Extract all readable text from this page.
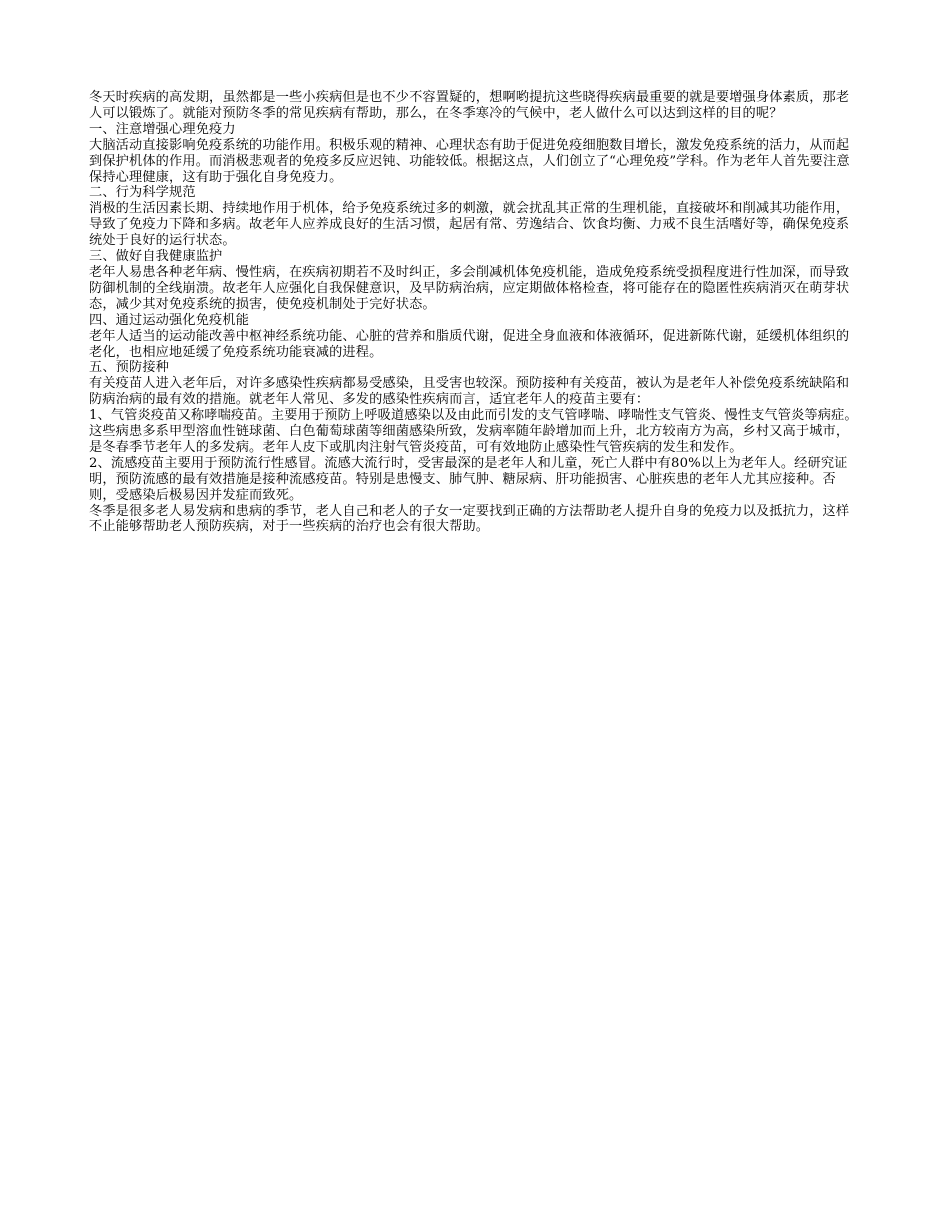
冬天时疾病的高发期，虽然都是一些小疾病但是也不少不容置疑的，想啊哟提抗这些晓得疾病最重要的就是要增强身体素质，那老人可以锻炼了。就能对预防冬季的常见疾病有帮助，那么，在冬季寒冷的气候中，老人做什么可以达到这样的目的呢？

一、注意增强心理免疫力

大脑活动直接影响免疫系统的功能作用。积极乐观的精神、心理状态有助于促进免疫细胞数目增长，激发免疫系统的活力，从而起到保护机体的作用。而消极悲观者的免疫多反应迟钝、功能较低。根据这点，人们创立了“心理免疫”学科。作为老年人首先要注意保持心理健康，这有助于强化自身免疫力。

二、行为科学规范

消极的生活因素长期、持续地作用于机体，给予免疫系统过多的刺激，就会扰乱其正常的生理机能，直接破坏和削减其功能作用，导致了免疫力下降和多病。故老年人应养成良好的生活习惯，起居有常、劳逸结合、饮食均衡、力戒不良生活嗜好等，确保免疫系统处于良好的运行状态。

三、做好自我健康监护

老年人易患各种老年病、慢性病，在疾病初期若不及时纠正，多会削减机体免疫机能，造成免疫系统受损程度进行性加深，而导致防御机制的全线崩溃。故老年人应强化自我保健意识，及早防病治病，应定期做体格检查，将可能存在的隐匿性疾病消灭在萌芽状态，减少其对免疫系统的损害，使免疫机制处于完好状态。

四、通过运动强化免疫机能

老年人适当的运动能改善中枢神经系统功能、心脏的营养和脂质代谢，促进全身血液和体液循环，促进新陈代谢，延缓机体组织的老化，也相应地延缓了免疫系统功能衰减的进程。

五、预防接种

有关疫苗人进入老年后，对许多感染性疾病都易受感染，且受害也较深。预防接种有关疫苗，被认为是老年人补偿免疫系统缺陷和防病治病的最有效的措施。就老年人常见、多发的感染性疾病而言，适宜老年人的疫苗主要有：

1、气管炎疫苗又称哮喘疫苗。主要用于预防上呼吸道感染以及由此而引发的支气管哮喘、哮喘性支气管炎、慢性支气管炎等病症。这些病患多系甲型溶血性链球菌、白色葡萄球菌等细菌感染所致，发病率随年龄增加而上升，北方较南方为高，乡村又高于城市，是冬春季节老年人的多发病。老年人皮下或肌肉注射气管炎疫苗，可有效地防止感染性气管疾病的发生和发作。

2、流感疫苗主要用于预防流行性感冒。流感大流行时，受害最深的是老年人和儿童，死亡人群中有80%以上为老年人。经研究证明，预防流感的最有效措施是接种流感疫苗。特别是患慢支、肺气肿、糖尿病、肝功能损害、心脏疾患的老年人尤其应接种。否则，受感染后极易因并发症而致死。

冬季是很多老人易发病和患病的季节，老人自己和老人的子女一定要找到正确的方法帮助老人提升自身的免疫力以及抵抗力，这样不止能够帮助老人预防疾病，对于一些疾病的治疗也会有很大帮助。
